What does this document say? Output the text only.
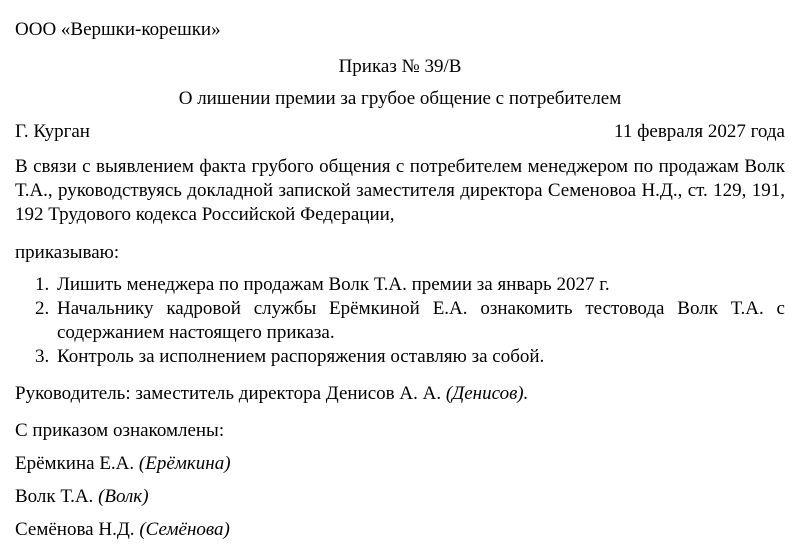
ООО «Вершки-корешки»
Приказ № 39/В
О лишении премии за грубое общение с потребителем
Г. Курган	11 февраля 2027 года
В связи с выявлением факта грубого общения с потребителем менеджером по продажам Волк Т.А., руководствуясь докладной запиской заместителя директора Семеновоа Н.Д., ст. 129, 191, 192 Трудового кодекса Российской Федерации,
приказываю:
1. Лишить менеджера по продажам Волк Т.А. премии за январь 2027 г.
2. Начальнику кадровой службы Ерёмкиной Е.А. ознакомить тестовода Волк Т.А. с содержанием настоящего приказа.
3. Контроль за исполнением распоряжения оставляю за собой.
Руководитель: заместитель директора Денисов А. А. (Денисов).
С приказом ознакомлены:
Ерёмкина Е.А. (Ерёмкина)
Волк Т.А. (Волк)
Семёнова Н.Д. (Семёнова)
